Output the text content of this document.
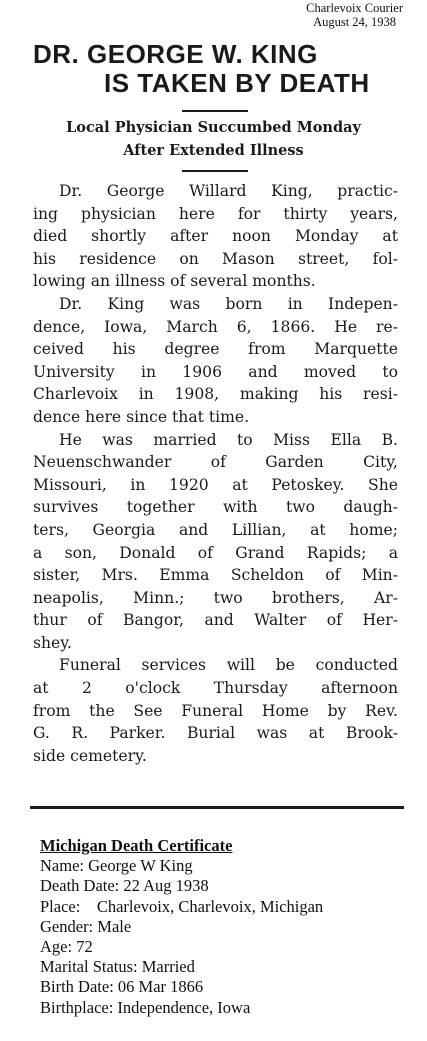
Charlevoix Courier
August 24, 1938
DR. GEORGE W. KING
IS TAKEN BY DEATH
Local Physician Succumbed Monday
After Extended Illness
Dr. George Willard King, practic-
ing physician here for thirty years,
died shortly after noon Monday at
his residence on Mason street, fol-
lowing an illness of several months.
Dr. King was born in Indepen-
dence, Iowa, March 6, 1866. He re-
ceived his degree from Marquette
University in 1906 and moved to
Charlevoix in 1908, making his resi-
dence here since that time.
He was married to Miss Ella B.
Neuenschwander of Garden City,
Missouri, in 1920 at Petoskey. She
survives together with two daugh-
ters, Georgia and Lillian, at home;
a son, Donald of Grand Rapids; a
sister, Mrs. Emma Scheldon of Min-
neapolis, Minn.; two brothers, Ar-
thur of Bangor, and Walter of Her-
shey.
Funeral services will be conducted
at 2 o'clock Thursday afternoon
from the See Funeral Home by Rev.
G. R. Parker. Burial was at Brook-
side cemetery.
Michigan Death Certificate
Name: George W King
Death Date: 22 Aug 1938
Place:    Charlevoix, Charlevoix, Michigan
Gender: Male
Age: 72
Marital Status: Married
Birth Date: 06 Mar 1866
Birthplace: Independence, Iowa
